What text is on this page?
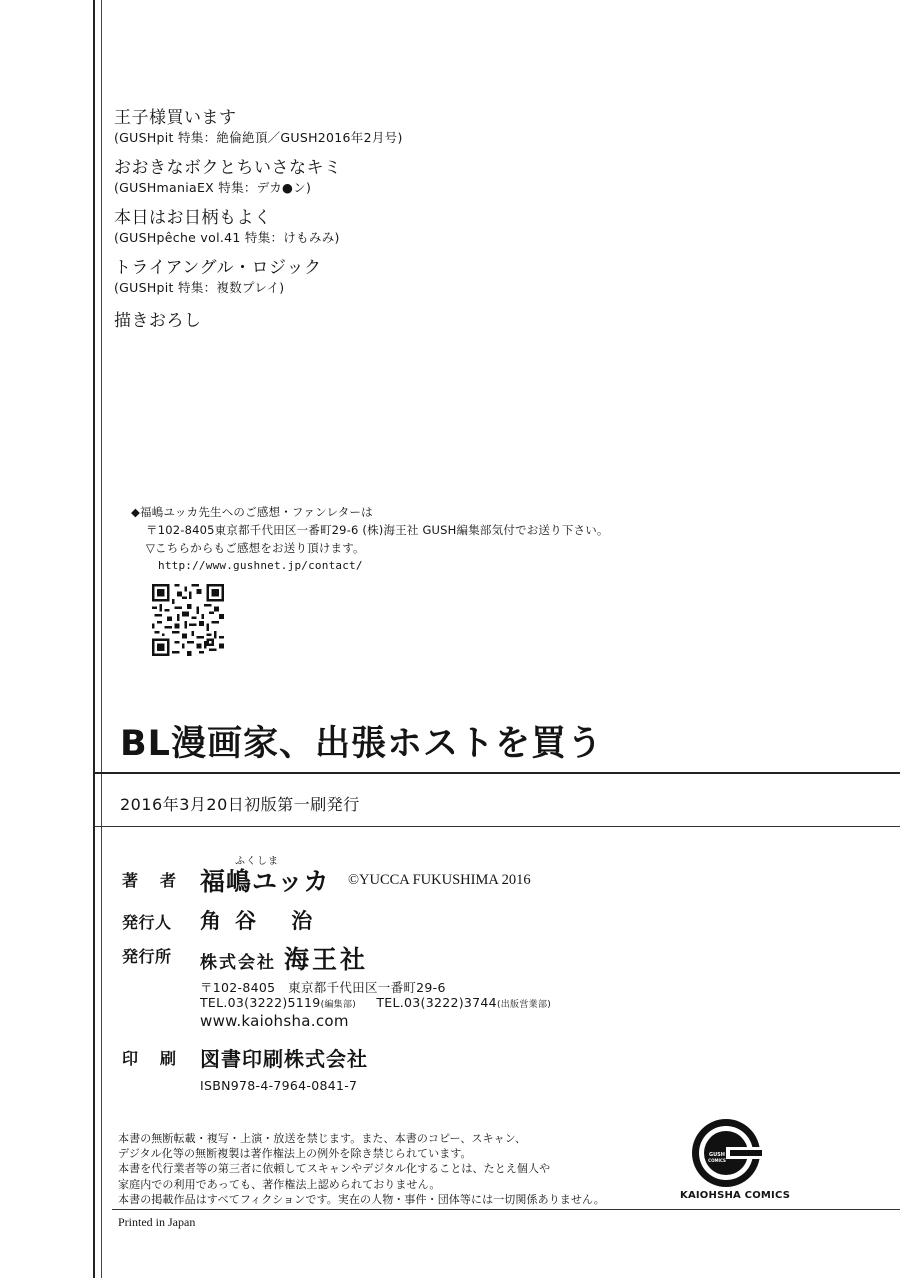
王子様買います
(GUSHpit 特集：絶倫絶頂／GUSH2016年2月号)
おおきなボクとちいさなキミ
(GUSHmaniaEX 特集：デカ●ン)
本日はお日柄もよく
(GUSHpêche vol.41 特集：けもみみ)
トライアングル・ロジック
(GUSHpit 特集：複数プレイ)
描きおろし
◆福嶋ユッカ先生へのご感想・ファンレターは
〒102-8405東京都千代田区一番町29-6 (株)海王社 GUSH編集部気付でお送り下さい。
▽こちらからもご感想をお送り頂けます。
http://www.gushnet.jp/contact/
BL漫画家、出張ホストを買う
2016年3月20日初版第一刷発行
著者
ふくしま
福嶋ユッカ ©YUCCA FUKUSHIMA 2016
発行人 角谷 治
発行所 株式会社 海王社
〒102-8405　東京都千代田区一番町29-6
TEL.03(3222)5119(編集部) TEL.03(3222)3744(出版営業部)
www.kaiohsha.com
印刷 図書印刷株式会社
ISBN978-4-7964-0841-7
本書の無断転載・複写・上演・放送を禁じます。また、本書のコピー、スキャン、
デジタル化等の無断複製は著作権法上の例外を除き禁じられています。
本書を代行業者等の第三者に依頼してスキャンやデジタル化することは、たとえ個人や
家庭内での利用であっても、著作権法上認められておりません。
本書の掲載作品はすべてフィクションです。実在の人物・事件・団体等には一切関係ありません。
GUSH
COMICS
KAIOHSHA COMICS
Printed in Japan
